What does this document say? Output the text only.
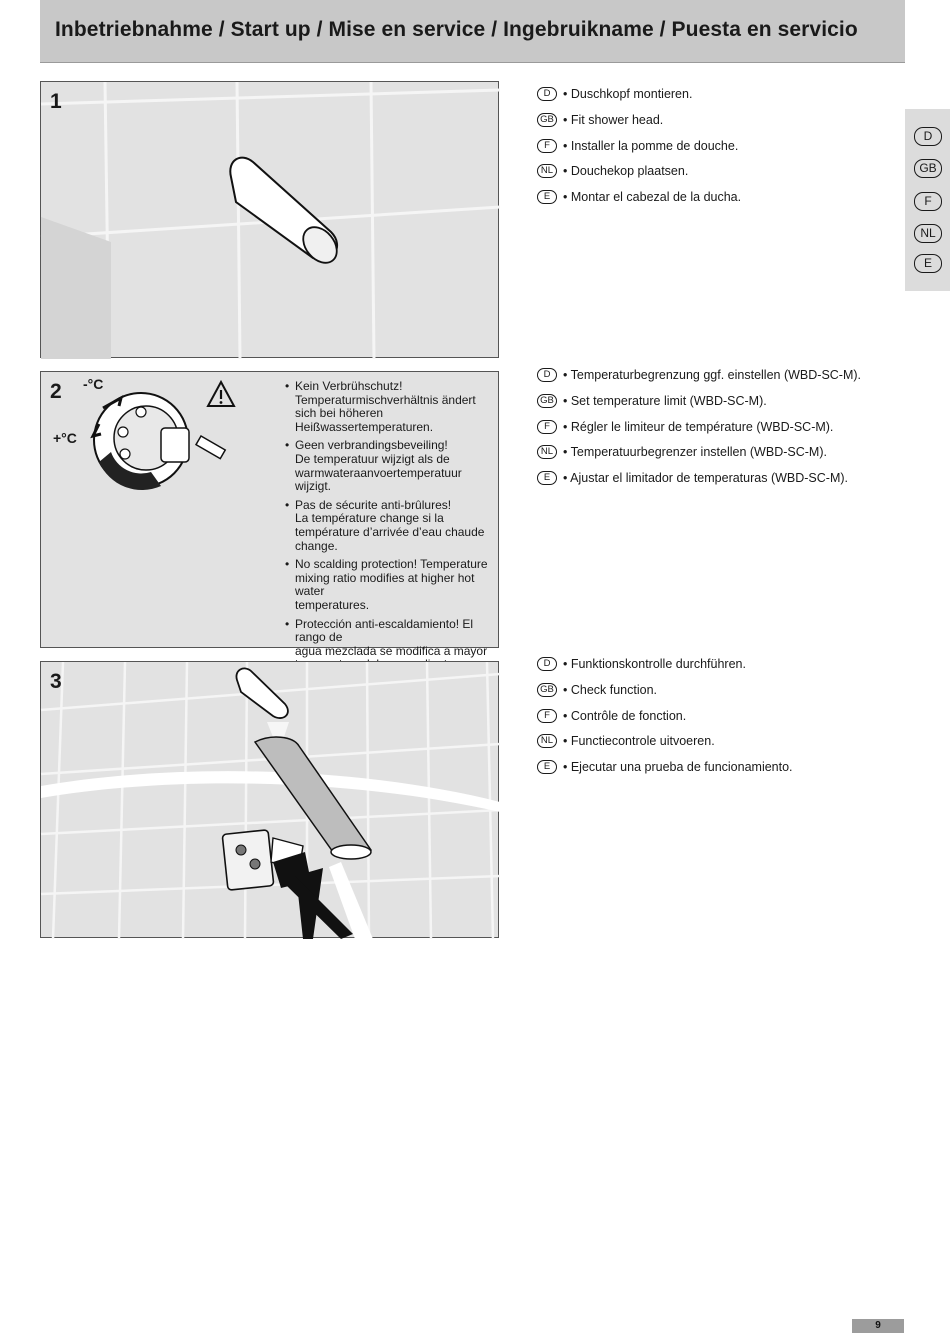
Inbetriebnahme / Start up / Mise en service / Ingebruikname / Puesta en servicio
D
GB
F
NL
E
1
2 -°C
+°C
• Kein Verbrühschutz!
Temperaturmischverhältnis ändert
sich bei höheren Heißwassertemperaturen.
• Geen verbrandingsbeveiling!
De temperatuur wijzigt als de
warmwateraanvoertemperatuur wijzigt.
• Pas de sécurite anti-brûlures!
La température change si la
température d’arrivée d’eau chaude
change.
• No scalding protection! Temperature
mixing ratio modifies at higher hot water
temperatures.
• Protección anti-escaldamiento! El rango de
agua mezclada se modifica a mayor

3
D	• Duschkopf montieren.
GB • Fit shower head.
F	• Installer la pomme de douche.
NL • Douchekop plaatsen.
E	• Montar el cabezal de la ducha.
D	• Temperaturbegrenzung ggf. einstellen (WBD-SC-M).
GB • Set temperature limit (WBD-SC-M).
F	• Régler le limiteur de température (WBD-SC-M).
NL • Temperatuurbegrenzer instellen (WBD-SC-M).
E	• Ajustar el limitador de temperaturas (WBD-SC-M).
D	• Funktionskontrolle durchführen.
GB • Check function.
F	• Contrôle de fonction.
NL • Functiecontrole uitvoeren.
E	• Ejecutar una prueba de funcionamiento.
9
